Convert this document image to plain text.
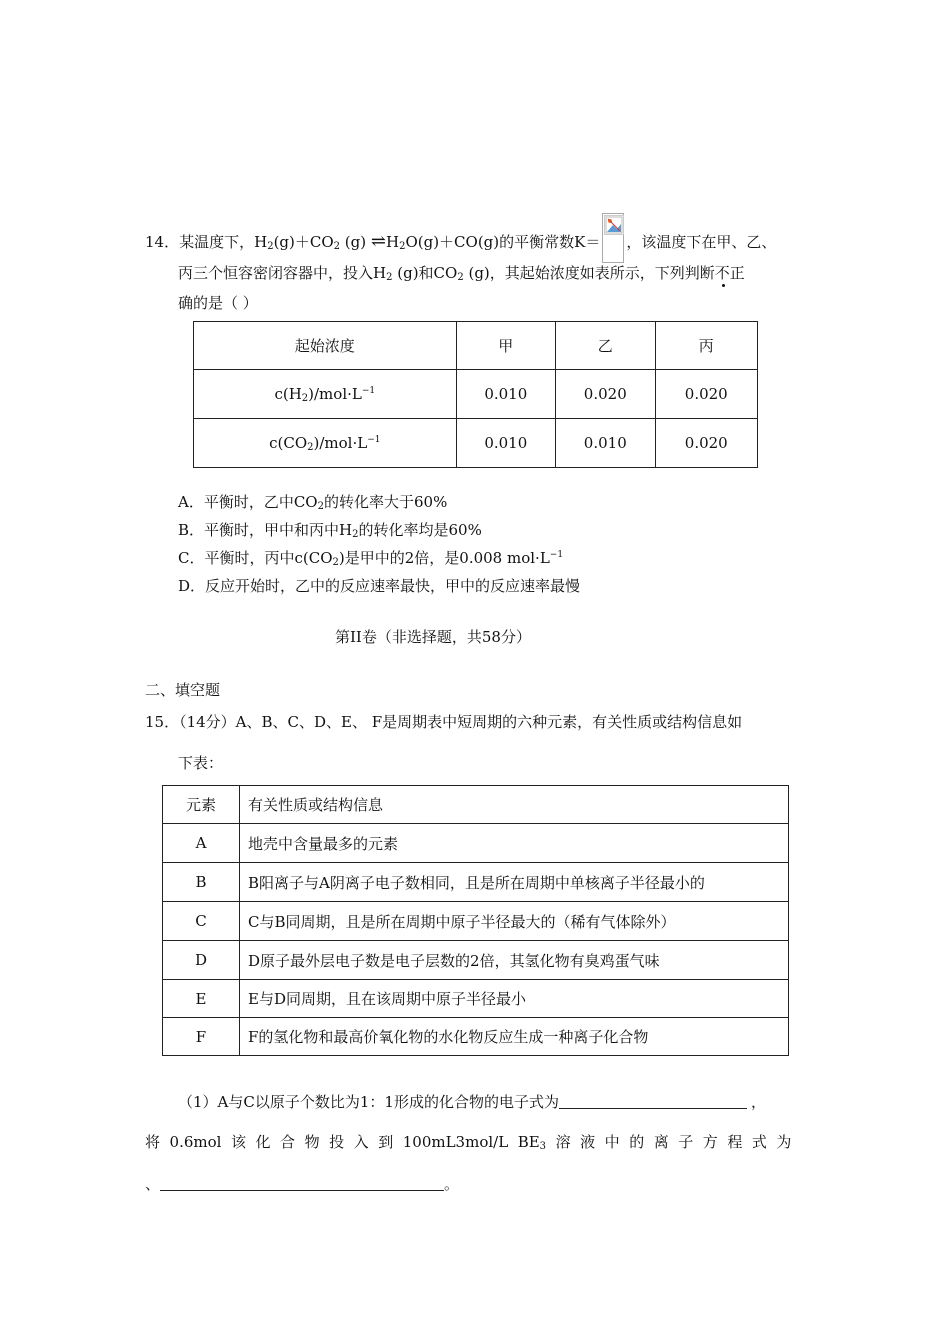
14．某温度下，$H_2(g)+CO_2$ (g) $\rightleftharpoons H_2O(g)+CO(g)$的平衡常数K＝ ，该温度下在甲、乙、
丙三个恒容密闭容器中，投入$H_2$ (g)和$CO_2$ (g)，其起始浓度如表所示，下列判断不正
确的是（ ）
起始浓度	甲	乙	丙
$c(H_2)/mol\cdot L^{-1}$	0.010	0.020	0.020
$c(CO_2)/mol\cdot L^{-1}$	0.010	0.010	0.020
A．平衡时，乙中$CO_2$的转化率大于60%
B．平衡时，甲中和丙中$H_2$的转化率均是60%
C．平衡时，丙中$c(CO_2)$是甲中的2倍，是0.008 $mol\cdot L^{-1}$
D．反应开始时，乙中的反应速率最快，甲中的反应速率最慢
第II卷（非选择题，共58分）
二、填空题
15．（14分）A、B、C、D、E、 F是周期表中短周期的六种元素，有关性质或结构信息如
下表：
元素	有关性质或结构信息
A	地壳中含量最多的元素
B	B阳离子与A阴离子电子数相同，且是所在周期中单核离子半径最小的
C	C与B同周期，且是所在周期中原子半径最大的（稀有气体除外）
D	D原子最外层电子数是电子层数的2倍，其氢化物有臭鸡蛋气味
E	E与D同周期，且在该周期中原子半径最小
F	F的氢化物和最高价氧化物的水化物反应生成一种离子化合物
（1）A与C以原子个数比为1：1形成的化合物的电子式为	，
将  0.6mol  该  化  合  物  投  入  到  100mL3mol/L  $BE_3$  溶  液  中  的  离  子  方  程  式  为
、	。
